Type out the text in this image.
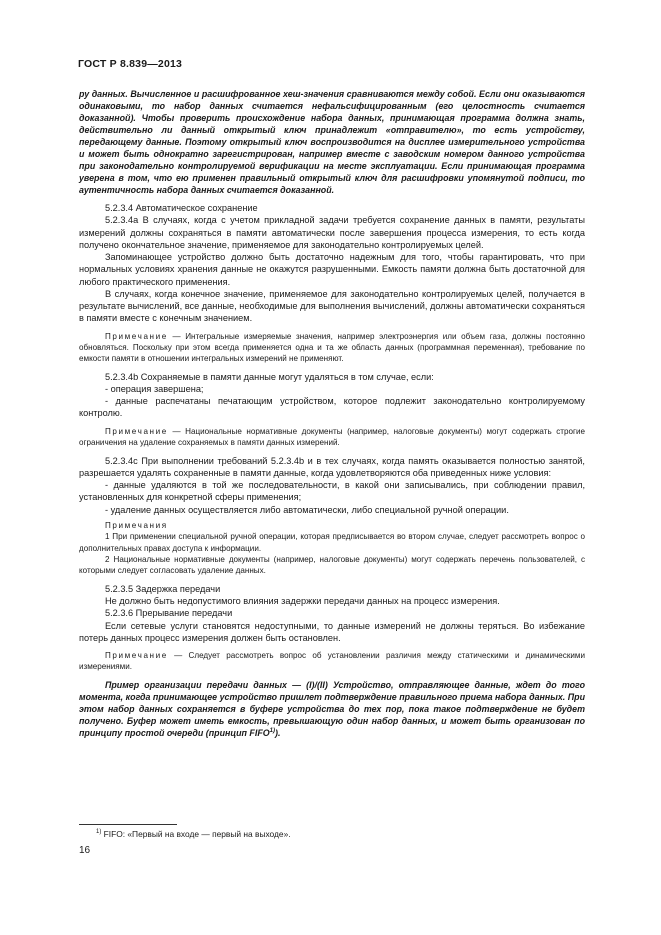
ГОСТ Р 8.839—2013

ру данных. Вычисленное и расшифрованное хеш-значения сравниваются между собой. Если они оказываются одинаковыми, то набор данных считается нефальсифицированным (его целостность считается доказанной). Чтобы проверить происхождение набора данных, принимающая программа должна знать, действительно ли данный открытый ключ принадлежит «отправителю», то есть устройству, передающему данные. Поэтому открытый ключ воспроизводится на дисплее измерительного устройства и может быть однократно зарегистрирован, например вместе с заводским номером данного устройства при законодательно контролируемой верификации на месте эксплуатации. Если принимающая программа уверена в том, что ею применен правильный открытый ключ для расшифровки упомянутой подписи, то аутентичность набора данных считается доказанной.

5.2.3.4 Автоматическое сохранение

5.2.3.4а В случаях, когда с учетом прикладной задачи требуется сохранение данных в памяти, результаты измерений должны сохраняться в памяти автоматически после завершения процесса измерения, то есть когда получено окончательное значение, применяемое для законодательно контролируемых целей.

Запоминающее устройство должно быть достаточно надежным для того, чтобы гарантировать, что при нормальных условиях хранения данные не окажутся разрушенными. Емкость памяти должна быть достаточной для любого практического применения.

В случаях, когда конечное значение, применяемое для законодательно контролируемых целей, получается в результате вычислений, все данные, необходимые для выполнения вычислений, должны автоматически сохраняться в памяти вместе с конечным значением.

Примечание — Интегральные измеряемые значения, например электроэнергия или объем газа, должны постоянно обновляться. Поскольку при этом всегда применяется одна и та же область данных (программная переменная), требование по емкости памяти в отношении интегральных измерений не применяют.

5.2.3.4b Сохраняемые в памяти данные могут удаляться в том случае, если:

- операция завершена;

- данные распечатаны печатающим устройством, которое подлежит законодательно контролируемому контролю.

Примечание — Национальные нормативные документы (например, налоговые документы) могут содержать строгие ограничения на удаление сохраняемых в памяти данных измерений.

5.2.3.4c При выполнении требований 5.2.3.4b и в тех случаях, когда память оказывается полностью занятой, разрешается удалять сохраненные в памяти данные, когда удовлетворяются оба приведенных ниже условия:

- данные удаляются в той же последовательности, в какой они записывались, при соблюдении правил, установленных для конкретной сферы применения;

- удаление данных осуществляется либо автоматически, либо специальной ручной операции.

Примечания

1 При применении специальной ручной операции, которая предписывается во втором случае, следует рассмотреть вопрос о дополнительных правах доступа к информации.

2 Национальные нормативные документы (например, налоговые документы) могут содержать перечень пользователей, с которыми следует согласовать удаление данных.

5.2.3.5 Задержка передачи

Не должно быть недопустимого влияния задержки передачи данных на процесс измерения.

5.2.3.6 Прерывание передачи

Если сетевые услуги становятся недоступными, то данные измерений не должны теряться. Во избежание потерь данных процесс измерения должен быть остановлен.

Примечание — Следует рассмотреть вопрос об установлении различия между статическими и динамическими измерениями.

Пример организации передачи данных — (I)/(II) Устройство, отправляющее данные, ждет до того момента, когда принимающее устройство пришлет подтверждение правильного приема набора данных. При этом набор данных сохраняется в буфере устройства до тех пор, пока такое подтверждение не будет получено. Буфер может иметь емкость, превышающую один набор данных, и может быть организован по принципу простой очереди (принцип FIFO$^{1)}$).

$^{1)}$ FIFO: «Первый на входе — первый на выходе».
16
